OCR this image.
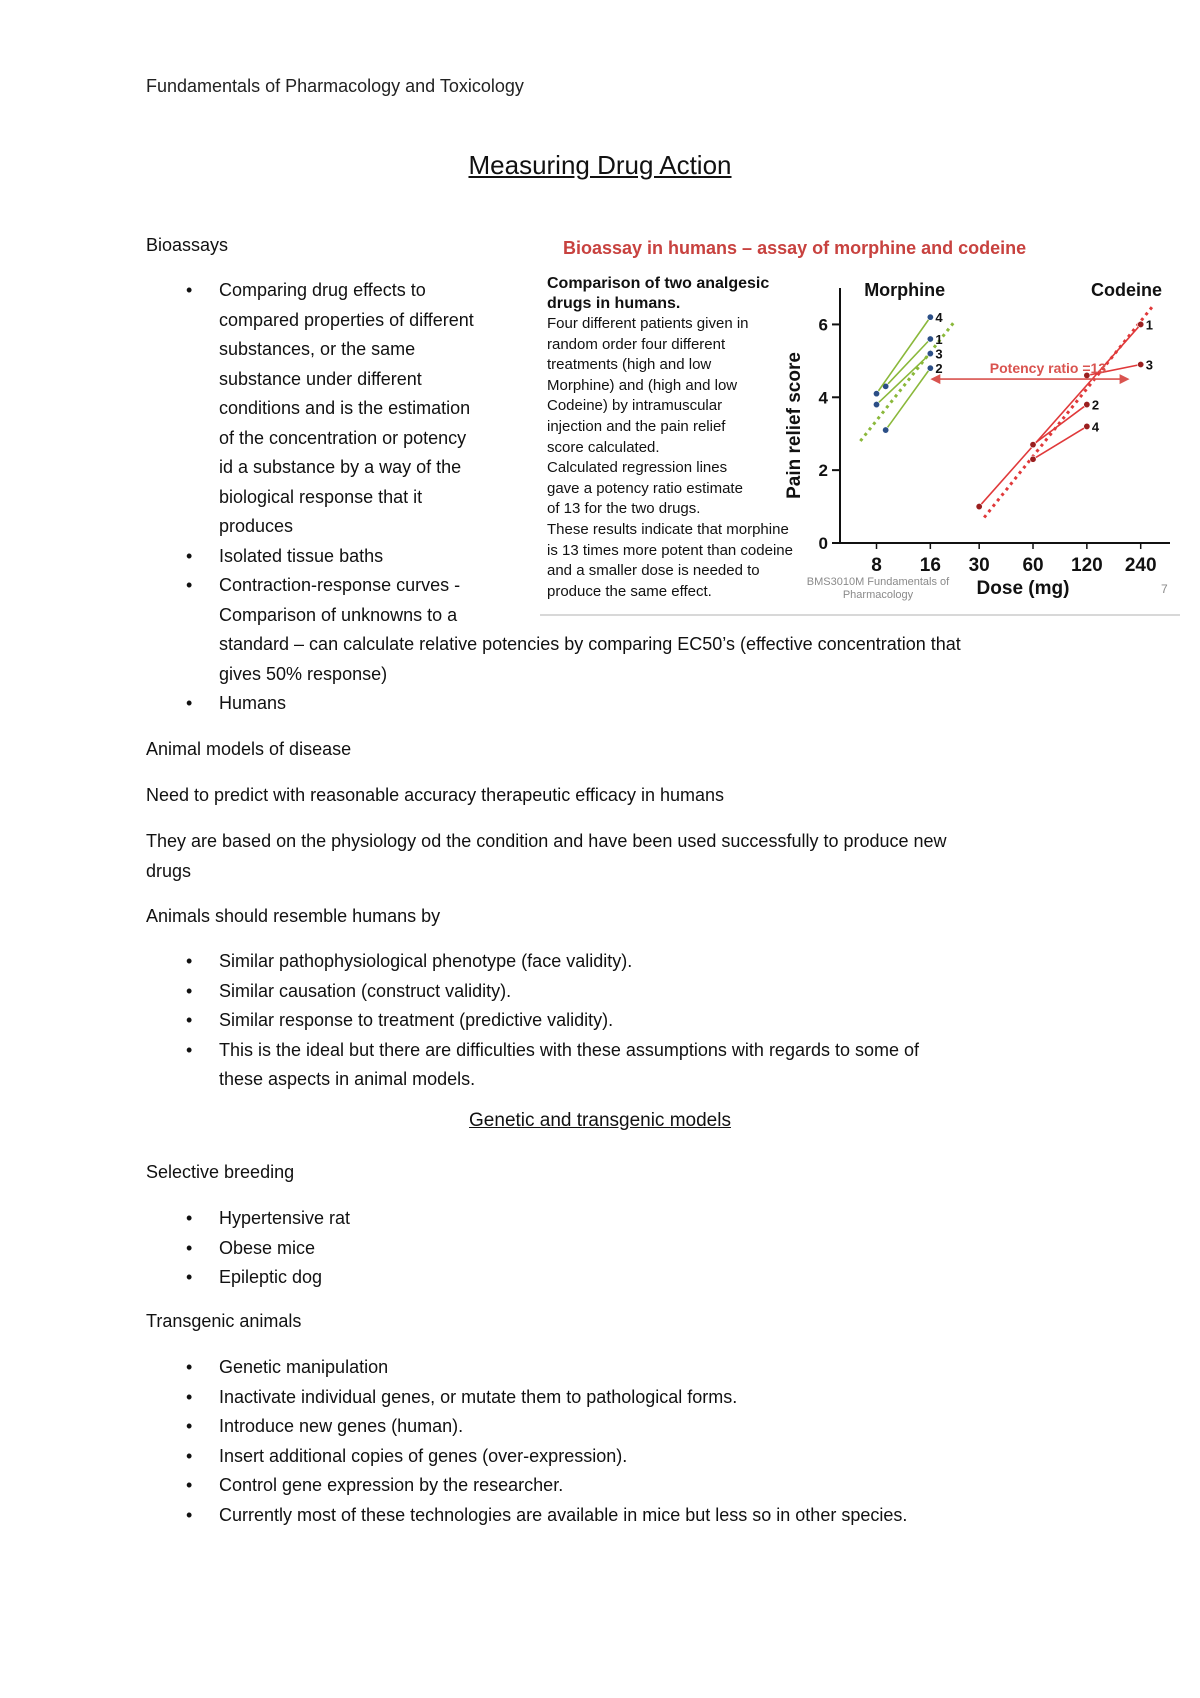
Fundamentals of Pharmacology and Toxicology
Measuring Drug Action
Bioassays
• Comparing drug effects to
compared properties of different
substances, or the same
substance under different
conditions and is the estimation
of the concentration or potency
id a substance by a way of the
biological response that it
produces
• Isolated tissue baths
• Contraction-response curves -
Comparison of unknowns to a
standard – can calculate relative potencies by comparing EC50’s (effective concentration that
gives 50% response)
• Humans
Animal models of disease
Need to predict with reasonable accuracy therapeutic efficacy in humans
They are based on the physiology od the condition and have been used successfully to produce new
drugs
Animals should resemble humans by
• Similar pathophysiological phenotype (face validity).
• Similar causation (construct validity).
• Similar response to treatment (predictive validity).
• This is the ideal but there are difficulties with these assumptions with regards to some of
these aspects in animal models.
Genetic and transgenic models
Selective breeding
• Hypertensive rat
• Obese mice
• Epileptic dog
Transgenic animals
• Genetic manipulation
• Inactivate individual genes, or mutate them to pathological forms.
• Introduce new genes (human).
• Insert additional copies of genes (over-expression).
• Control gene expression by the researcher.
• Currently most of these technologies are available in mice but less so in other species.
Bioassay in humans – assay of morphine and codeine
Comparison of two analgesic
drugs in humans.
Four different patients given in
random order four different
treatments (high and low
Morphine) and (high and low
Codeine) by intramuscular
injection and the pain relief
score calculated.
Calculated regression lines
gave a potency ratio estimate
of 13 for the two drugs.
These results indicate that morphine
is 13 times more potent than codeine
and a smaller dose is needed to
produce the same effect.
0
2
4
6
8 16 30 60 120 240
Pain relief score
Dose (mg)
Morphine	Codeine
1
2
3
4	1
2
3
4
Potency ratio =13
BMS3010M Fundamentals of
Pharmacology	7
